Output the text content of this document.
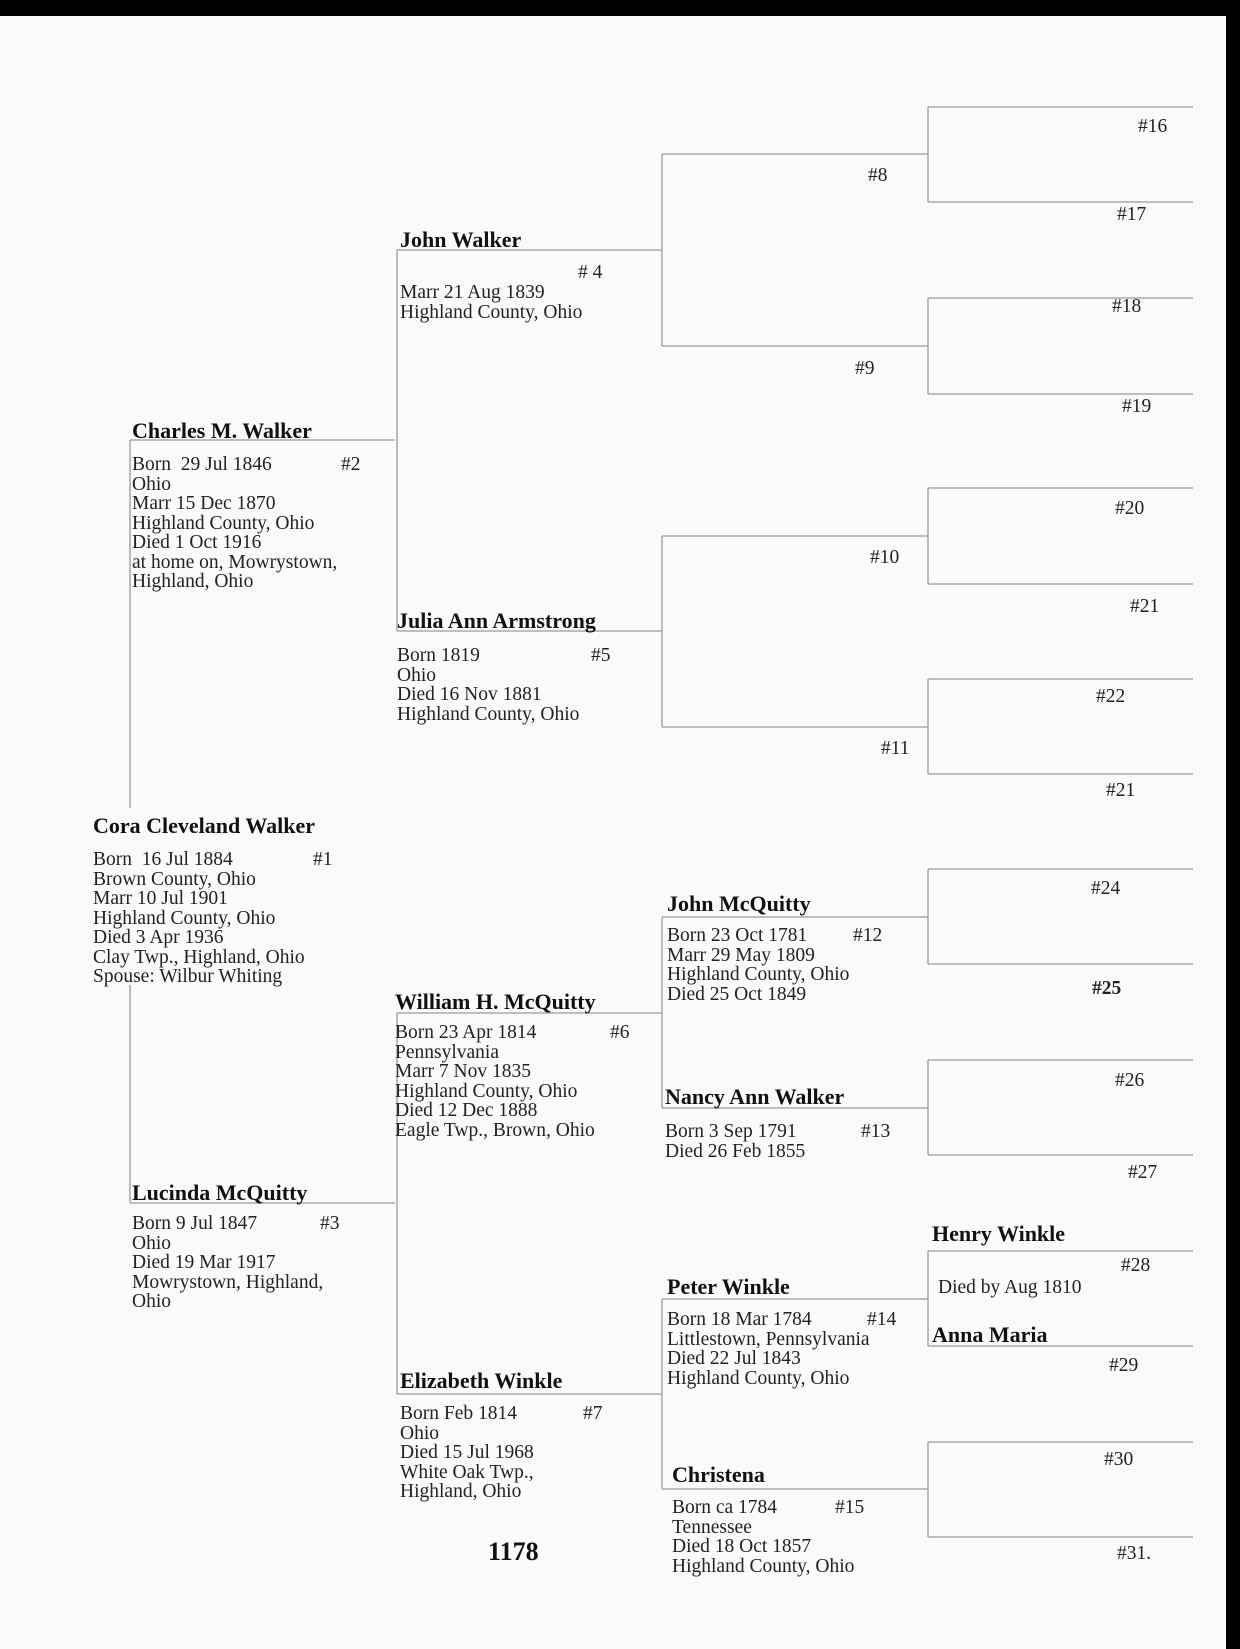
Cora Cleveland Walker
Born  16 Jul 1884
Brown County, Ohio
Marr 10 Jul 1901
Highland County, Ohio
Died 3 Apr 1936
Clay Twp., Highland, Ohio
Spouse: Wilbur Whiting
#1
Charles M. Walker
Born  29 Jul 1846
Ohio
Marr 15 Dec 1870
Highland County, Ohio
Died 1 Oct 1916
at home on, Mowrystown,
Highland, Ohio
#2
Lucinda McQuitty
Born 9 Jul 1847
Ohio
Died 19 Mar 1917
Mowrystown, Highland,
Ohio
#3
John Walker
# 4
Marr 21 Aug 1839
Highland County, Ohio
Julia Ann Armstrong
Born 1819
Ohio
Died 16 Nov 1881
Highland County, Ohio
#5
William H. McQuitty
Born 23 Apr 1814
Pennsylvania
Marr 7 Nov 1835
Highland County, Ohio
Died 12 Dec 1888
Eagle Twp., Brown, Ohio
#6
Elizabeth Winkle
Born Feb 1814
Ohio
Died 15 Jul 1968
White Oak Twp.,
Highland, Ohio
#7
#8
#9
#10
#11
John McQuitty
Born 23 Oct 1781
Marr 29 May 1809
Highland County, Ohio
Died 25 Oct 1849
#12
Nancy Ann Walker
Born 3 Sep 1791
Died 26 Feb 1855
#13
Peter Winkle
Born 18 Mar 1784
Littlestown, Pennsylvania
Died 22 Jul 1843
Highland County, Ohio
#14
Christena
Born ca 1784
Tennessee
Died 18 Oct 1857
Highland County, Ohio
#15
#16
#17
#18
#19
#20
#21
#22
#21
#24
#25
#26
#27
Henry Winkle
#28
Died by Aug 1810
Anna Maria
#29
#30
#31.
1178
